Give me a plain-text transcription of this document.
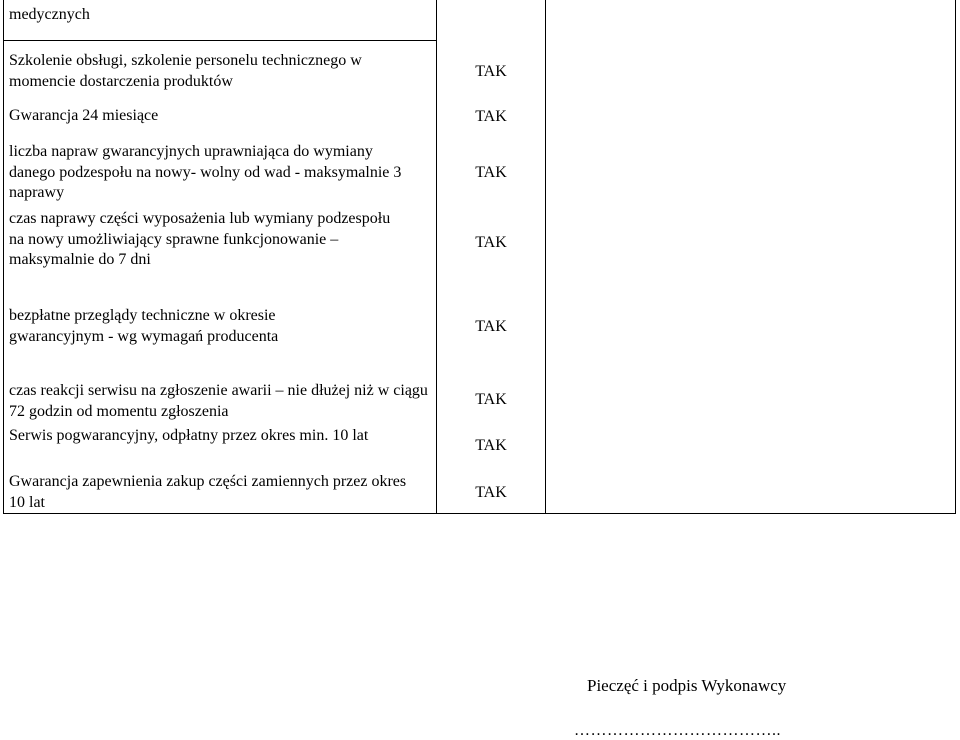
medycznych
Szkolenie obsługi, szkolenie personelu technicznego w momencie dostarczenia produktów
Gwarancja 24 miesiące
liczba napraw gwarancyjnych uprawniająca do wymiany danego podzespołu na nowy- wolny od wad - maksymalnie 3 naprawy
czas naprawy części wyposażenia lub wymiany podzespołu na nowy umożliwiający sprawne funkcjonowanie – maksymalnie do 7 dni
bezpłatne przeglądy techniczne w okresie gwarancyjnym - wg wymagań producenta
czas reakcji serwisu na zgłoszenie awarii – nie dłużej niż w ciągu 72 godzin od momentu zgłoszenia
Serwis pogwarancyjny, odpłatny przez okres min. 10 lat
Gwarancja zapewnienia zakup części zamiennych przez okres 10 lat
TAK
TAK
TAK
TAK
TAK
TAK
TAK
TAK
Pieczęć i podpis Wykonawcy
………………………………..
